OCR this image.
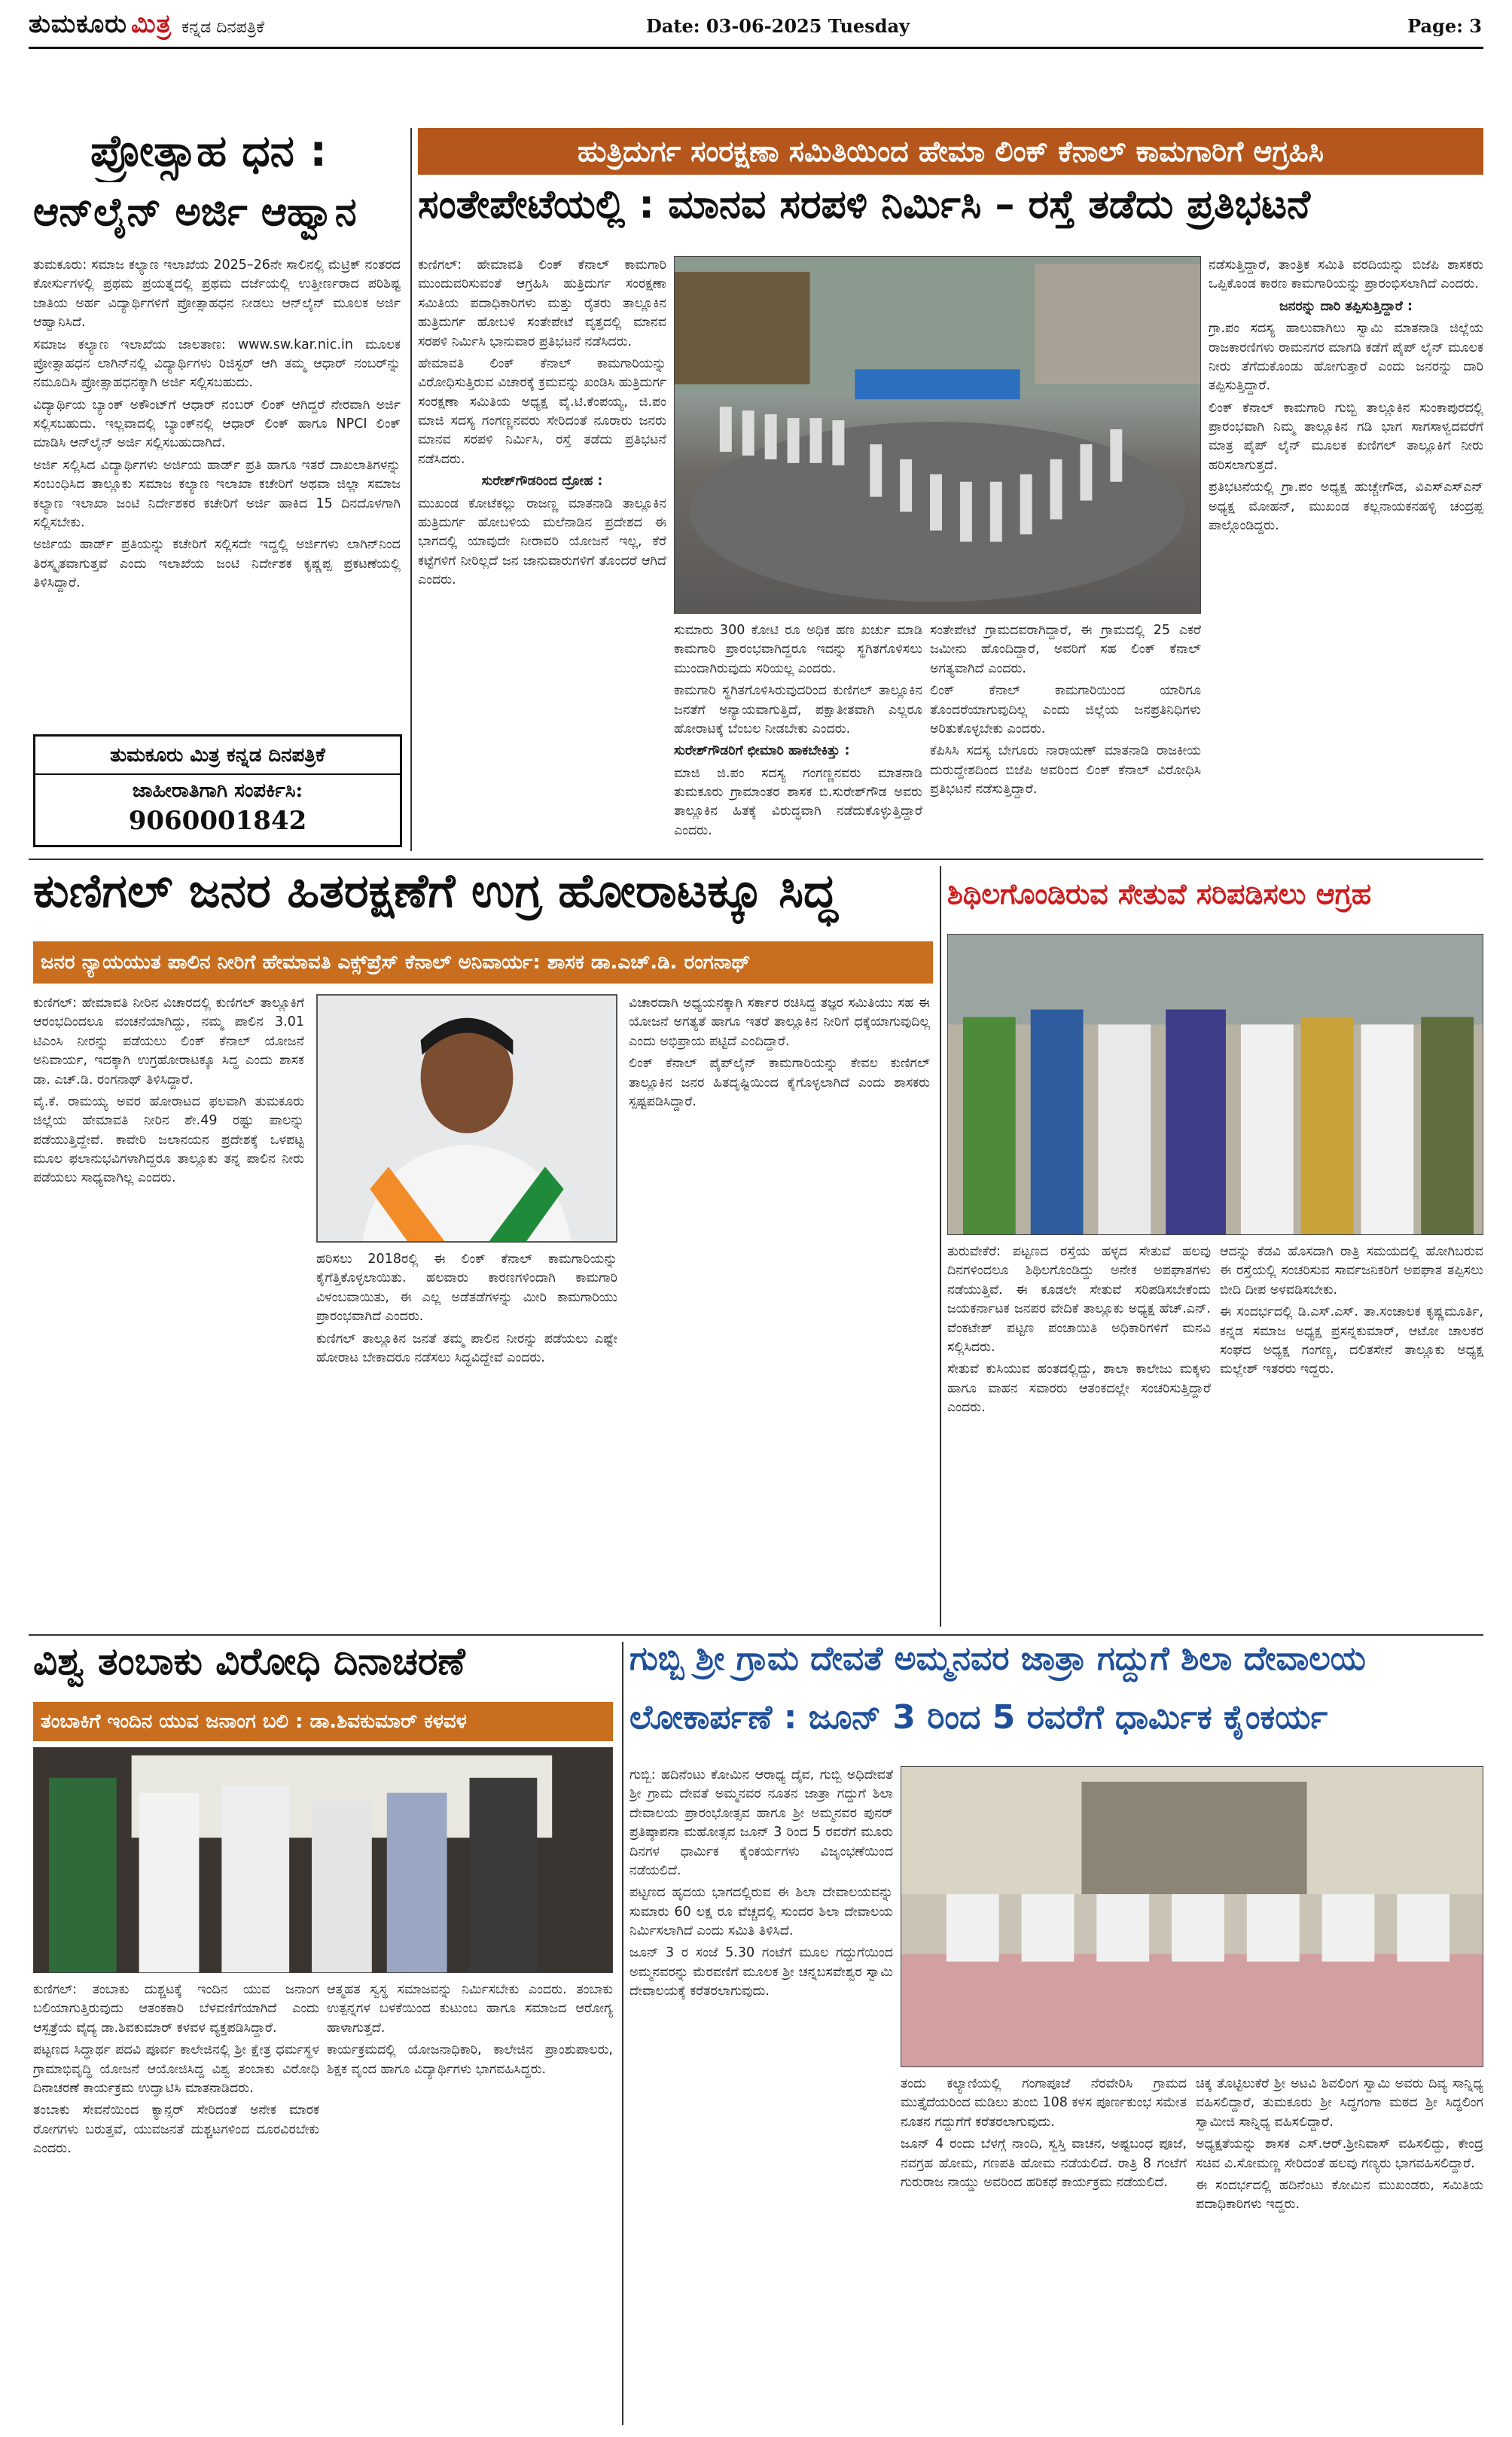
ತುಮಕೂರು ಮಿತ್ರ ಕನ್ನಡ ದಿನಪತ್ರಿಕೆ	Date: 03-06-2025 Tuesday	Page: 3
ಪ್ರೋತ್ಸಾಹ ಧನ :
ಆನ್‌ಲೈನ್ ಅರ್ಜಿ ಆಹ್ವಾನ

ತುಮಕೂರು: ಸಮಾಜ ಕಲ್ಯಾಣ ಇಲಾಖೆಯ 2025–26ನೇ ಸಾಲಿನಲ್ಲಿ ಮೆಟ್ರಿಕ್ ನಂತರದ ಕೋರ್ಸುಗಳಲ್ಲಿ ಪ್ರಥಮ ಪ್ರಯತ್ನದಲ್ಲಿ ಪ್ರಥಮ ದರ್ಜೆಯಲ್ಲಿ ಉತ್ತೀರ್ಣರಾದ ಪರಿಶಿಷ್ಟ ಜಾತಿಯ ಅರ್ಹ ವಿದ್ಯಾರ್ಥಿಗಳಿಗೆ ಪ್ರೋತ್ಸಾಹಧನ ನೀಡಲು ಆನ್‌ಲೈನ್ ಮೂಲಕ ಅರ್ಜಿ ಆಹ್ವಾನಿಸಿದೆ.

ಸಮಾಜ ಕಲ್ಯಾಣ ಇಲಾಖೆಯ ಜಾಲತಾಣ: www.sw.kar.nic.in ಮೂಲಕ ಪ್ರೋತ್ಸಾಹಧನ ಲಾಗಿನ್‌ನಲ್ಲಿ ವಿದ್ಯಾರ್ಥಿಗಳು ರಿಜಿಸ್ಟರ್ ಆಗಿ ತಮ್ಮ ಆಧಾರ್ ನಂಬರ್‌ನ್ನು ನಮೂದಿಸಿ ಪ್ರೋತ್ಸಾಹಧನಕ್ಕಾಗಿ ಅರ್ಜಿ ಸಲ್ಲಿಸಬಹುದು.

ವಿದ್ಯಾರ್ಥಿಯ ಬ್ಯಾಂಕ್ ಅಕೌಂಟ್‌ಗೆ ಆಧಾರ್ ನಂಬರ್ ಲಿಂಕ್ ಆಗಿದ್ದರೆ ನೇರವಾಗಿ ಅರ್ಜಿ ಸಲ್ಲಿಸಬಹುದು. ಇಲ್ಲವಾದಲ್ಲಿ ಬ್ಯಾಂಕ್‌ನಲ್ಲಿ ಆಧಾರ್ ಲಿಂಕ್ ಹಾಗೂ NPCI ಲಿಂಕ್ ಮಾಡಿಸಿ ಆನ್‌ಲೈನ್ ಅರ್ಜಿ ಸಲ್ಲಿಸಬಹುದಾಗಿದೆ.

ಅರ್ಜಿ ಸಲ್ಲಿಸಿದ ವಿದ್ಯಾರ್ಥಿಗಳು ಅರ್ಜಿಯ ಹಾರ್ಡ್ ಪ್ರತಿ ಹಾಗೂ ಇತರೆ ದಾಖಲಾತಿಗಳನ್ನು ಸಂಬಂಧಿಸಿದ ತಾಲ್ಲೂಕು ಸಮಾಜ ಕಲ್ಯಾಣ ಇಲಾಖಾ ಕಚೇರಿಗೆ ಅಥವಾ ಜಿಲ್ಲಾ ಸಮಾಜ ಕಲ್ಯಾಣ ಇಲಾಖಾ ಜಂಟಿ ನಿರ್ದೇಶಕರ ಕಚೇರಿಗೆ ಅರ್ಜಿ ಹಾಕಿದ 15 ದಿನದೊಳಗಾಗಿ ಸಲ್ಲಿಸಬೇಕು.

ಅರ್ಜಿಯ ಹಾರ್ಡ್ ಪ್ರತಿಯನ್ನು ಕಚೇರಿಗೆ ಸಲ್ಲಿಸದೇ ಇದ್ದಲ್ಲಿ ಅರ್ಜಿಗಳು ಲಾಗಿನ್‌ನಿಂದ ತಿರಸ್ಕೃತವಾಗುತ್ತವೆ ಎಂದು ಇಲಾಖೆಯ ಜಂಟಿ ನಿರ್ದೇಶಕ ಕೃಷ್ಣಪ್ಪ ಪ್ರಕಟಣೆಯಲ್ಲಿ ತಿಳಿಸಿದ್ದಾರೆ.

ತುಮಕೂರು ಮಿತ್ರ ಕನ್ನಡ ದಿನಪತ್ರಿಕೆ
ಜಾಹೀರಾತಿಗಾಗಿ ಸಂಪರ್ಕಿಸಿ:
9060001842
ಹುತ್ರಿದುರ್ಗ ಸಂರಕ್ಷಣಾ ಸಮಿತಿಯಿಂದ ಹೇಮಾ ಲಿಂಕ್ ಕೆನಾಲ್ ಕಾಮಗಾರಿಗೆ ಆಗ್ರಹಿಸಿ
ಸಂತೇಪೇಟೆಯಲ್ಲಿ : ಮಾನವ ಸರಪಳಿ ನಿರ್ಮಿಸಿ – ರಸ್ತೆ ತಡೆದು ಪ್ರತಿಭಟನೆ

ಕುಣಿಗಲ್: ಹೇಮಾವತಿ ಲಿಂಕ್ ಕೆನಾಲ್ ಕಾಮಗಾರಿ ಮುಂದುವರಿಸುವಂತೆ ಆಗ್ರಹಿಸಿ ಹುತ್ರಿದುರ್ಗ ಸಂರಕ್ಷಣಾ ಸಮಿತಿಯ ಪದಾಧಿಕಾರಿಗಳು ಮತ್ತು ರೈತರು ತಾಲ್ಲೂಕಿನ ಹುತ್ರಿದುರ್ಗ ಹೋಬಳಿ ಸಂತೇಪೇಟೆ ವೃತ್ತದಲ್ಲಿ ಮಾನವ ಸರಪಳಿ ನಿರ್ಮಿಸಿ ಭಾನುವಾರ ಪ್ರತಿಭಟನೆ ನಡೆಸಿದರು.

ಹೇಮಾವತಿ ಲಿಂಕ್ ಕೆನಾಲ್ ಕಾಮಗಾರಿಯನ್ನು ವಿರೋಧಿಸುತ್ತಿರುವ ವಿಚಾರಕ್ಕೆ ಕ್ರಮವನ್ನು ಖಂಡಿಸಿ ಹುತ್ರಿದುರ್ಗ ಸಂರಕ್ಷಣಾ ಸಮಿತಿಯ ಅಧ್ಯಕ್ಷ ವೈ.ಟಿ.ಕೆಂಪಯ್ಯ, ಜಿ.ಪಂ ಮಾಜಿ ಸದಸ್ಯ ಗಂಗಣ್ಣನವರು ಸೇರಿದಂತೆ ನೂರಾರು ಜನರು ಮಾನವ ಸರಪಳಿ ನಿರ್ಮಿಸಿ, ರಸ್ತೆ ತಡೆದು ಪ್ರತಿಭಟನೆ ನಡೆಸಿದರು.

ಸುರೇಶ್‌ಗೌಡರಿಂದ ದ್ರೋಹ :

ಮುಖಂಡ ಕೋಟೆಕಲ್ಲು ರಾಜಣ್ಣ ಮಾತನಾಡಿ ತಾಲ್ಲೂಕಿನ ಹುತ್ರಿದುರ್ಗ ಹೋಬಳಿಯ ಮಲೆನಾಡಿನ ಪ್ರದೇಶದ ಈ ಭಾಗದಲ್ಲಿ ಯಾವುದೇ ನೀರಾವರಿ ಯೋಜನೆ ಇಲ್ಲ, ಕೆರೆ ಕಟ್ಟೆಗಳಿಗೆ ನೀರಿಲ್ಲದೆ ಜನ ಜಾನುವಾರುಗಳಿಗೆ ತೊಂದರೆ ಆಗಿದೆ ಎಂದರು.

ಸುಮಾರು 300 ಕೋಟಿ ರೂ ಅಧಿಕ ಹಣ ಖರ್ಚು ಮಾಡಿ ಕಾಮಗಾರಿ ಪ್ರಾರಂಭವಾಗಿದ್ದರೂ ಇದನ್ನು ಸ್ಥಗಿತಗೊಳಿಸಲು ಮುಂದಾಗಿರುವುದು ಸರಿಯಲ್ಲ ಎಂದರು.

ಕಾಮಗಾರಿ ಸ್ಥಗಿತಗೊಳಿಸಿರುವುದರಿಂದ ಕುಣಿಗಲ್ ತಾಲ್ಲೂಕಿನ ಜನತೆಗೆ ಅನ್ಯಾಯವಾಗುತ್ತಿದೆ, ಪಕ್ಷಾತೀತವಾಗಿ ಎಲ್ಲರೂ ಹೋರಾಟಕ್ಕೆ ಬೆಂಬಲ ನೀಡಬೇಕು ಎಂದರು.

ಸುರೇಶ್‌ಗೌಡರಿಗೆ ಛೀಮಾರಿ ಹಾಕಬೇಕಿತ್ತು :

ಮಾಜಿ ಜಿ.ಪಂ ಸದಸ್ಯ ಗಂಗಣ್ಣನವರು ಮಾತನಾಡಿ ತುಮಕೂರು ಗ್ರಾಮಾಂತರ ಶಾಸಕ ಬಿ.ಸುರೇಶ್‌ಗೌಡ ಅವರು ತಾಲ್ಲೂಕಿನ ಹಿತಕ್ಕೆ ವಿರುದ್ಧವಾಗಿ ನಡೆದುಕೊಳ್ಳುತ್ತಿದ್ದಾರೆ ಎಂದರು.

ಸಂತೇಪೇಟೆ ಗ್ರಾಮದವರಾಗಿದ್ದಾರೆ, ಈ ಗ್ರಾಮದಲ್ಲಿ 25 ಎಕರೆ ಜಮೀನು ಹೊಂದಿದ್ದಾರೆ, ಅವರಿಗೆ ಸಹ ಲಿಂಕ್ ಕೆನಾಲ್ ಅಗತ್ಯವಾಗಿದೆ ಎಂದರು.

ಲಿಂಕ್ ಕೆನಾಲ್ ಕಾಮಗಾರಿಯಿಂದ ಯಾರಿಗೂ ತೊಂದರೆಯಾಗುವುದಿಲ್ಲ ಎಂದು ಜಿಲ್ಲೆಯ ಜನಪ್ರತಿನಿಧಿಗಳು ಅರಿತುಕೊಳ್ಳಬೇಕು ಎಂದರು.

ಕೆಪಿಸಿಸಿ ಸದಸ್ಯ ಬೇಗೂರು ನಾರಾಯಣ್ ಮಾತನಾಡಿ ರಾಜಕೀಯ ದುರುದ್ದೇಶದಿಂದ ಬಿಜೆಪಿ ಅವರಿಂದ ಲಿಂಕ್ ಕೆನಾಲ್ ವಿರೋಧಿಸಿ ಪ್ರತಿಭಟನೆ ನಡೆಸುತ್ತಿದ್ದಾರೆ.

ನಡೆಸುತ್ತಿದ್ದಾರೆ, ತಾಂತ್ರಿಕ ಸಮಿತಿ ವರದಿಯನ್ನು ಬಿಜೆಪಿ ಶಾಸಕರು ಒಪ್ಪಿಕೊಂಡ ಕಾರಣ ಕಾಮಗಾರಿಯನ್ನು ಪ್ರಾರಂಭಿಸಲಾಗಿದೆ ಎಂದರು.

ಜನರನ್ನು ದಾರಿ ತಪ್ಪಿಸುತ್ತಿದ್ದಾರೆ :

ಗ್ರಾ.ಪಂ ಸದಸ್ಯ ಹಾಲುವಾಗಿಲು ಸ್ವಾಮಿ ಮಾತನಾಡಿ ಜಿಲ್ಲೆಯ ರಾಜಕಾರಣಿಗಳು ರಾಮನಗರ ಮಾಗಡಿ ಕಡೆಗೆ ಪೈಪ್ ಲೈನ್ ಮೂಲಕ ನೀರು ತೆಗೆದುಕೊಂಡು ಹೋಗುತ್ತಾರೆ ಎಂದು ಜನರನ್ನು ದಾರಿ ತಪ್ಪಿಸುತ್ತಿದ್ದಾರೆ.

ಲಿಂಕ್ ಕೆನಾಲ್ ಕಾಮಗಾರಿ ಗುಬ್ಬಿ ತಾಲ್ಲೂಕಿನ ಸುಂಕಾಪುರದಲ್ಲಿ ಪ್ರಾರಂಭವಾಗಿ ನಿಮ್ಮ ತಾಲ್ಲೂಕಿನ ಗಡಿ ಭಾಗ ಸಾಗಸಾಳ್ವದವರೆಗೆ ಮಾತ್ರ ಪೈಪ್ ಲೈನ್ ಮೂಲಕ ಕುಣಿಗಲ್ ತಾಲ್ಲೂಕಿಗೆ ನೀರು ಹರಿಸಲಾಗುತ್ತದೆ.

ಪ್ರತಿಭಟನೆಯಲ್ಲಿ ಗ್ರಾ.ಪಂ ಅಧ್ಯಕ್ಷ ಹುಚ್ಚೇಗೌಡ, ವಿಎಸ್‌ಎಸ್‌ಎನ್ ಅಧ್ಯಕ್ಷ ಮೋಹನ್, ಮುಖಂಡ ಕಲ್ಲನಾಯಕನಹಳ್ಳಿ ಚಂದ್ರಪ್ಪ ಪಾಲ್ಗೊಂಡಿದ್ದರು.

ಕುಣಿಗಲ್ ಜನರ ಹಿತರಕ್ಷಣೆಗೆ ಉಗ್ರ ಹೋರಾಟಕ್ಕೂ ಸಿದ್ಧ
ಜನರ ನ್ಯಾಯಯುತ ಪಾಲಿನ ನೀರಿಗೆ ಹೇಮಾವತಿ ಎಕ್ಸ್‌ಪ್ರೆಸ್ ಕೆನಾಲ್ ಅನಿವಾರ್ಯ: ಶಾಸಕ ಡಾ.ಎಚ್.ಡಿ. ರಂಗನಾಥ್

ಕುಣಿಗಲ್: ಹೇಮಾವತಿ ನೀರಿನ ವಿಚಾರದಲ್ಲಿ ಕುಣಿಗಲ್ ತಾಲ್ಲೂಕಿಗೆ ಆರಂಭದಿಂದಲೂ ವಂಚನೆಯಾಗಿದ್ದು, ನಮ್ಮ ಪಾಲಿನ 3.01 ಟಿಎಂಸಿ ನೀರನ್ನು ಪಡೆಯಲು ಲಿಂಕ್ ಕೆನಾಲ್ ಯೋಜನೆ ಅನಿವಾರ್ಯ, ಇದಕ್ಕಾಗಿ ಉಗ್ರಹೋರಾಟಕ್ಕೂ ಸಿದ್ಧ ಎಂದು ಶಾಸಕ ಡಾ. ಎಚ್.ಡಿ. ರಂಗನಾಥ್ ತಿಳಿಸಿದ್ದಾರೆ.

ವೈ.ಕೆ. ರಾಮಯ್ಯ ಅವರ ಹೋರಾಟದ ಫಲವಾಗಿ ತುಮಕೂರು ಜಿಲ್ಲೆಯ ಹೇಮಾವತಿ ನೀರಿನ ಶೇ.49 ರಷ್ಟು ಪಾಲನ್ನು ಪಡೆಯುತ್ತಿದ್ದೇವೆ. ಕಾವೇರಿ ಜಲಾನಯನ ಪ್ರದೇಶಕ್ಕೆ ಒಳಪಟ್ಟ ಮೂಲ ಫಲಾನುಭವಿಗಳಾಗಿದ್ದರೂ ತಾಲ್ಲೂಕು ತನ್ನ ಪಾಲಿನ ನೀರು ಪಡೆಯಲು ಸಾಧ್ಯವಾಗಿಲ್ಲ ಎಂದರು.

ಹರಿಸಲು 2018ರಲ್ಲಿ ಈ ಲಿಂಕ್ ಕೆನಾಲ್ ಕಾಮಗಾರಿಯನ್ನು ಕೈಗೆತ್ತಿಕೊಳ್ಳಲಾಯಿತು. ಹಲವಾರು ಕಾರಣಗಳಿಂದಾಗಿ ಕಾಮಗಾರಿ ವಿಳಂಬವಾಯಿತು, ಈ ಎಲ್ಲ ಅಡೆತಡೆಗಳನ್ನು ಮೀರಿ ಕಾಮಗಾರಿಯು ಪ್ರಾರಂಭವಾಗಿದೆ ಎಂದರು.

ಕುಣಿಗಲ್ ತಾಲ್ಲೂಕಿನ ಜನತೆ ತಮ್ಮ ಪಾಲಿನ ನೀರನ್ನು ಪಡೆಯಲು ಎಷ್ಟೇ ಹೋರಾಟ ಬೇಕಾದರೂ ನಡೆಸಲು ಸಿದ್ಧವಿದ್ದೇವೆ ಎಂದರು.

ವಿಚಾರದಾಗಿ ಅಧ್ಯಯನಕ್ಕಾಗಿ ಸರ್ಕಾರ ರಚಿಸಿದ್ದ ತಜ್ಞರ ಸಮಿತಿಯು ಸಹ ಈ ಯೋಜನೆ ಅಗತ್ಯತೆ ಹಾಗೂ ಇತರೆ ತಾಲ್ಲೂಕಿನ ನೀರಿಗೆ ಧಕ್ಕೆಯಾಗುವುದಿಲ್ಲ ಎಂದು ಅಭಿಪ್ರಾಯ ಪಟ್ಟಿದೆ ಎಂದಿದ್ದಾರೆ.

ಲಿಂಕ್ ಕೆನಾಲ್ ಪೈಪ್‌ಲೈನ್ ಕಾಮಗಾರಿಯನ್ನು ಕೇವಲ ಕುಣಿಗಲ್ ತಾಲ್ಲೂಕಿನ ಜನರ ಹಿತದೃಷ್ಟಿಯಿಂದ ಕೈಗೊಳ್ಳಲಾಗಿದೆ ಎಂದು ಶಾಸಕರು ಸ್ಪಷ್ಟಪಡಿಸಿದ್ದಾರೆ.

ಶಿಥಿಲಗೊಂಡಿರುವ ಸೇತುವೆ ಸರಿಪಡಿಸಲು ಆಗ್ರಹ

ತುರುವೇಕೆರೆ: ಪಟ್ಟಣದ ರಸ್ತೆಯ ಹಳ್ಳದ ಸೇತುವೆ ಹಲವು ದಿನಗಳಿಂದಲೂ ಶಿಥಿಲಗೊಂಡಿದ್ದು ಅನೇಕ ಅಪಘಾತಗಳು ನಡೆಯುತ್ತಿವೆ. ಈ ಕೂಡಲೇ ಸೇತುವೆ ಸರಿಪಡಿಸಬೇಕೆಂದು ಜಯಕರ್ನಾಟಕ ಜನಪರ ವೇದಿಕೆ ತಾಲ್ಲೂಕು ಅಧ್ಯಕ್ಷ ಹೆಚ್.ಎನ್. ವೆಂಕಟೇಶ್ ಪಟ್ಟಣ ಪಂಚಾಯಿತಿ ಅಧಿಕಾರಿಗಳಿಗೆ ಮನವಿ ಸಲ್ಲಿಸಿದರು.

ಸೇತುವೆ ಕುಸಿಯುವ ಹಂತದಲ್ಲಿದ್ದು, ಶಾಲಾ ಕಾಲೇಜು ಮಕ್ಕಳು ಹಾಗೂ ವಾಹನ ಸವಾರರು ಆತಂಕದಲ್ಲೇ ಸಂಚರಿಸುತ್ತಿದ್ದಾರೆ ಎಂದರು.

ಆದನ್ನು ಕೆಡವಿ ಹೊಸದಾಗಿ ರಾತ್ರಿ ಸಮಯದಲ್ಲಿ ಹೋಗಿಬರುವ ಈ ರಸ್ತೆಯಲ್ಲಿ ಸಂಚರಿಸುವ ಸಾರ್ವಜನಿಕರಿಗೆ ಅಪಘಾತ ತಪ್ಪಿಸಲು ಬೀದಿ ದೀಪ ಅಳವಡಿಸಬೇಕು.

ಈ ಸಂದರ್ಭದಲ್ಲಿ ಡಿ.ಎಸ್.ಎಸ್. ತಾ.ಸಂಚಾಲಕ ಕೃಷ್ಣಮೂರ್ತಿ, ಕನ್ನಡ ಸಮಾಜ ಅಧ್ಯಕ್ಷ ಪ್ರಸನ್ನಕುಮಾರ್, ಆಟೋ ಚಾಲಕರ ಸಂಘದ ಅಧ್ಯಕ್ಷ ಗಂಗಣ್ಣ, ದಲಿತಸೇನೆ ತಾಲ್ಲೂಕು ಅಧ್ಯಕ್ಷ ಮಲ್ಲೇಶ್ ಇತರರು ಇದ್ದರು.

ವಿಶ್ವ ತಂಬಾಕು ವಿರೋಧಿ ದಿನಾಚರಣೆ
ತಂಬಾಕಿಗೆ ಇಂದಿನ ಯುವ ಜನಾಂಗ ಬಲಿ : ಡಾ.ಶಿವಕುಮಾರ್ ಕಳವಳ

ಕುಣಿಗಲ್: ತಂಬಾಕು ದುಶ್ಚಟಕ್ಕೆ ಇಂದಿನ ಯುವ ಜನಾಂಗ ಬಲಿಯಾಗುತ್ತಿರುವುದು ಆತಂಕಕಾರಿ ಬೆಳವಣಿಗೆಯಾಗಿದೆ ಎಂದು ಆಸ್ಪತ್ರೆಯ ವೈದ್ಯ ಡಾ.ಶಿವಕುಮಾರ್ ಕಳವಳ ವ್ಯಕ್ತಪಡಿಸಿದ್ದಾರೆ.

ಪಟ್ಟಣದ ಸಿದ್ಧಾರ್ಥ ಪದವಿ ಪೂರ್ವ ಕಾಲೇಜಿನಲ್ಲಿ ಶ್ರೀ ಕ್ಷೇತ್ರ ಧರ್ಮಸ್ಥಳ ಗ್ರಾಮಾಭಿವೃದ್ಧಿ ಯೋಜನೆ ಆಯೋಜಿಸಿದ್ದ ವಿಶ್ವ ತಂಬಾಕು ವಿರೋಧಿ ದಿನಾಚರಣೆ ಕಾರ್ಯಕ್ರಮ ಉದ್ಘಾಟಿಸಿ ಮಾತನಾಡಿದರು.

ತಂಬಾಕು ಸೇವನೆಯಿಂದ ಕ್ಯಾನ್ಸರ್ ಸೇರಿದಂತೆ ಅನೇಕ ಮಾರಕ ರೋಗಗಳು ಬರುತ್ತವೆ, ಯುವಜನತೆ ದುಶ್ಚಟಗಳಿಂದ ದೂರವಿರಬೇಕು ಎಂದರು.

ಆತ್ಮಹತ ಸ್ವಸ್ಥ ಸಮಾಜವನ್ನು ನಿರ್ಮಿಸಬೇಕು ಎಂದರು. ತಂಬಾಕು ಉತ್ಪನ್ನಗಳ ಬಳಕೆಯಿಂದ ಕುಟುಂಬ ಹಾಗೂ ಸಮಾಜದ ಆರೋಗ್ಯ ಹಾಳಾಗುತ್ತದೆ.

ಕಾರ್ಯಕ್ರಮದಲ್ಲಿ ಯೋಜನಾಧಿಕಾರಿ, ಕಾಲೇಜಿನ ಪ್ರಾಂಶುಪಾಲರು, ಶಿಕ್ಷಕ ವೃಂದ ಹಾಗೂ ವಿದ್ಯಾರ್ಥಿಗಳು ಭಾಗವಹಿಸಿದ್ದರು.

ಗುಬ್ಬಿ ಶ್ರೀ ಗ್ರಾಮ ದೇವತೆ ಅಮ್ಮನವರ ಜಾತ್ರಾ ಗದ್ದುಗೆ ಶಿಲಾ ದೇವಾಲಯ
ಲೋಕಾರ್ಪಣೆ : ಜೂನ್ 3 ರಿಂದ 5 ರವರೆಗೆ ಧಾರ್ಮಿಕ ಕೈಂಕರ್ಯ

ಗುಬ್ಬಿ: ಹದಿನೆಂಟು ಕೋಮಿನ ಆರಾಧ್ಯ ದೈವ, ಗುಬ್ಬಿ ಅಧಿದೇವತೆ ಶ್ರೀ ಗ್ರಾಮ ದೇವತೆ ಅಮ್ಮನವರ ನೂತನ ಜಾತ್ರಾ ಗದ್ದುಗೆ ಶಿಲಾ ದೇವಾಲಯ ಪ್ರಾರಂಭೋತ್ಸವ ಹಾಗೂ ಶ್ರೀ ಅಮ್ಮನವರ ಪುನರ್ ಪ್ರತಿಷ್ಠಾಪನಾ ಮಹೋತ್ಸವ ಜೂನ್ 3 ರಿಂದ 5 ರವರೆಗೆ ಮೂರು ದಿನಗಳ ಧಾರ್ಮಿಕ ಕೈಂಕರ್ಯಗಳು ವಿಜೃಂಭಣೆಯಿಂದ ನಡೆಯಲಿದೆ.

ಪಟ್ಟಣದ ಹೃದಯ ಭಾಗದಲ್ಲಿರುವ ಈ ಶಿಲಾ ದೇವಾಲಯವನ್ನು ಸುಮಾರು 60 ಲಕ್ಷ ರೂ ವೆಚ್ಚದಲ್ಲಿ ಸುಂದರ ಶಿಲಾ ದೇವಾಲಯ ನಿರ್ಮಿಸಲಾಗಿದೆ ಎಂದು ಸಮಿತಿ ತಿಳಿಸಿದೆ.

ಜೂನ್ 3 ರ ಸಂಜೆ 5.30 ಗಂಟೆಗೆ ಮೂಲ ಗದ್ದುಗೆಯಿಂದ ಅಮ್ಮನವರನ್ನು ಮೆರವಣಿಗೆ ಮೂಲಕ ಶ್ರೀ ಚನ್ನಬಸವೇಶ್ವರ ಸ್ವಾಮಿ ದೇವಾಲಯಕ್ಕೆ ಕರೆತರಲಾಗುವುದು.

ತಂದು ಕಲ್ಯಾಣಿಯಲ್ಲಿ ಗಂಗಾಪೂಜೆ ನೆರವೇರಿಸಿ ಗ್ರಾಮದ ಮುತ್ತೈದೆಯರಿಂದ ಮಡಿಲು ತುಂಬಿ 108 ಕಳಸ ಪೂರ್ಣಕುಂಭ ಸಮೇತ ನೂತನ ಗದ್ದುಗೆಗೆ ಕರೆತರಲಾಗುವುದು.

ಜೂನ್ 4 ರಂದು ಬೆಳಗ್ಗೆ ನಾಂದಿ, ಸ್ವಸ್ತಿ ವಾಚನ, ಅಷ್ಟಬಂಧ ಪೂಜೆ, ನವಗ್ರಹ ಹೋಮ, ಗಣಪತಿ ಹೋಮ ನಡೆಯಲಿದೆ. ರಾತ್ರಿ 8 ಗಂಟೆಗೆ ಗುರುರಾಜ ನಾಯ್ಡು ಅವರಿಂದ ಹರಿಕಥೆ ಕಾರ್ಯಕ್ರಮ ನಡೆಯಲಿದೆ.

ಚಿಕ್ಕ ತೊಟ್ಟಿಲುಕೆರೆ ಶ್ರೀ ಅಟವಿ ಶಿವಲಿಂಗ ಸ್ವಾಮಿ ಅವರು ದಿವ್ಯ ಸಾನ್ನಿಧ್ಯ ವಹಿಸಲಿದ್ದಾರೆ, ತುಮಕೂರು ಶ್ರೀ ಸಿದ್ಧಗಂಗಾ ಮಠದ ಶ್ರೀ ಸಿದ್ಧಲಿಂಗ ಸ್ವಾಮೀಜಿ ಸಾನ್ನಿಧ್ಯ ವಹಿಸಲಿದ್ದಾರೆ.

ಅಧ್ಯಕ್ಷತೆಯನ್ನು ಶಾಸಕ ಎಸ್.ಆರ್.ಶ್ರೀನಿವಾಸ್ ವಹಿಸಲಿದ್ದು, ಕೇಂದ್ರ ಸಚಿವ ವಿ.ಸೋಮಣ್ಣ ಸೇರಿದಂತೆ ಹಲವು ಗಣ್ಯರು ಭಾಗವಹಿಸಲಿದ್ದಾರೆ.

ಈ ಸಂದರ್ಭದಲ್ಲಿ ಹದಿನೆಂಟು ಕೋಮಿನ ಮುಖಂಡರು, ಸಮಿತಿಯ ಪದಾಧಿಕಾರಿಗಳು ಇದ್ದರು.
